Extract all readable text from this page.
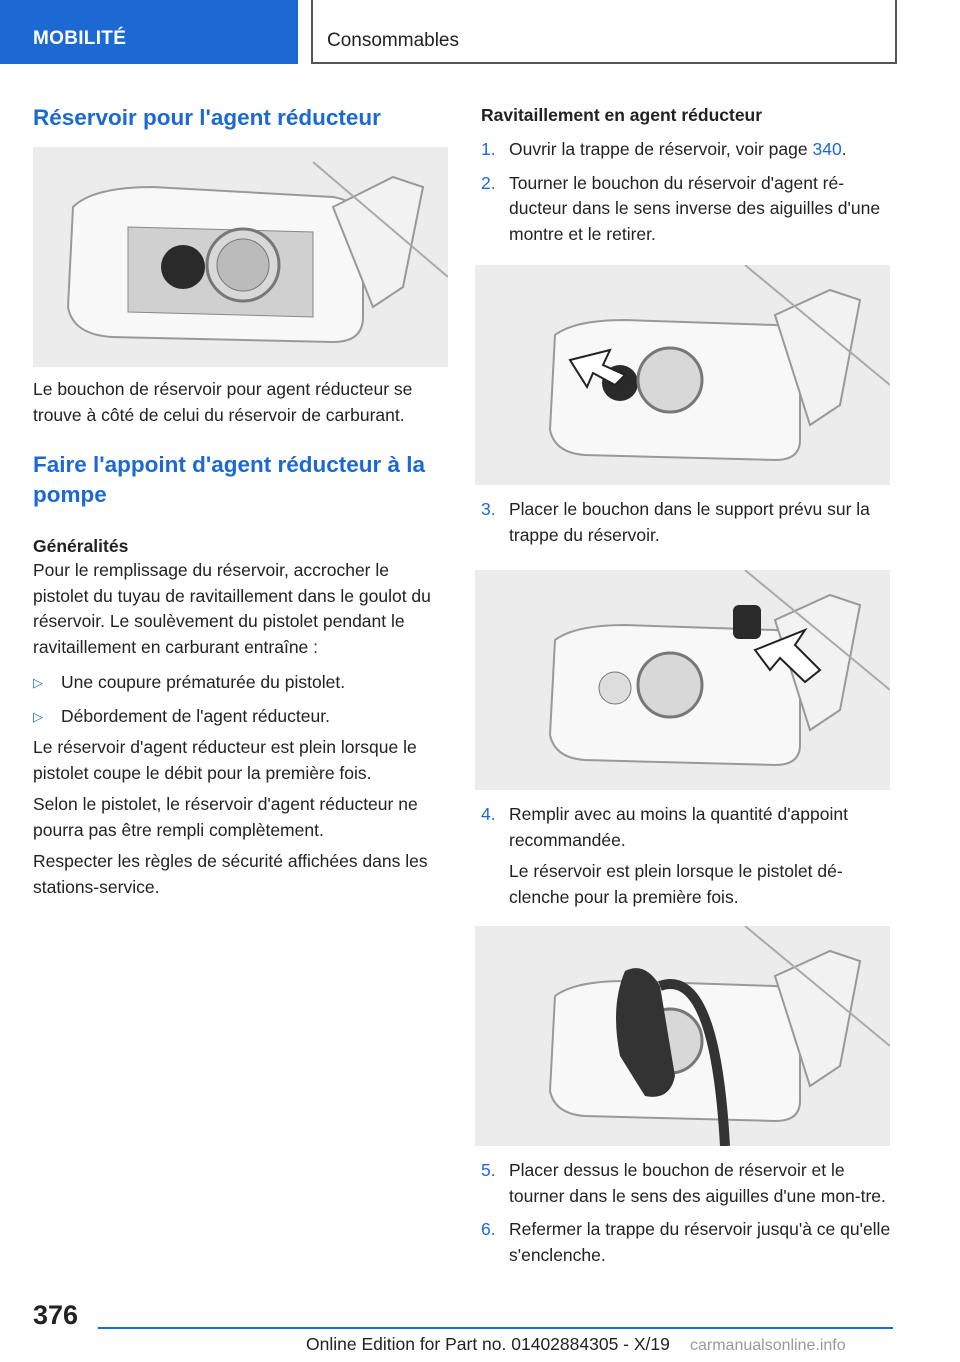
MOBILITÉ	Consommables
Réservoir pour l'agent réducteur

Le bouchon de réservoir pour agent réducteur se trouve à côté de celui du réservoir de carburant.

Faire l'appoint d'agent réducteur à la pompe
Généralités

Pour le remplissage du réservoir, accrocher le pistolet du tuyau de ravitaillement dans le goulot du réservoir. Le soulèvement du pistolet pendant le ravitaillement en carburant entraîne :

▷	Une coupure prématurée du pistolet.
▷	Débordement de l'agent réducteur.

Le réservoir d'agent réducteur est plein lorsque le pistolet coupe le débit pour la première fois.

Selon le pistolet, le réservoir d'agent réducteur ne pourra pas être rempli complètement.

Respecter les règles de sécurité affichées dans les stations-service.

Ravitaillement en agent réducteur
1. Ouvrir la trappe de réservoir, voir page 340.
2. Tourner le bouchon du réservoir d'agent ré‐ducteur dans le sens inverse des aiguilles d'une montre et le retirer.
3. Placer le bouchon dans le support prévu sur la trappe du réservoir.
4. Remplir avec au moins la quantité d'appoint recommandée.
Le réservoir est plein lorsque le pistolet dé‐clenche pour la première fois.
5. Placer dessus le bouchon de réservoir et le tourner dans le sens des aiguilles d'une mon‐tre.
6. Refermer la trappe du réservoir jusqu'à ce qu'elle s'enclenche.
376
Online Edition for Part no. 01402884305 - X/19 carmanualsonline.info
